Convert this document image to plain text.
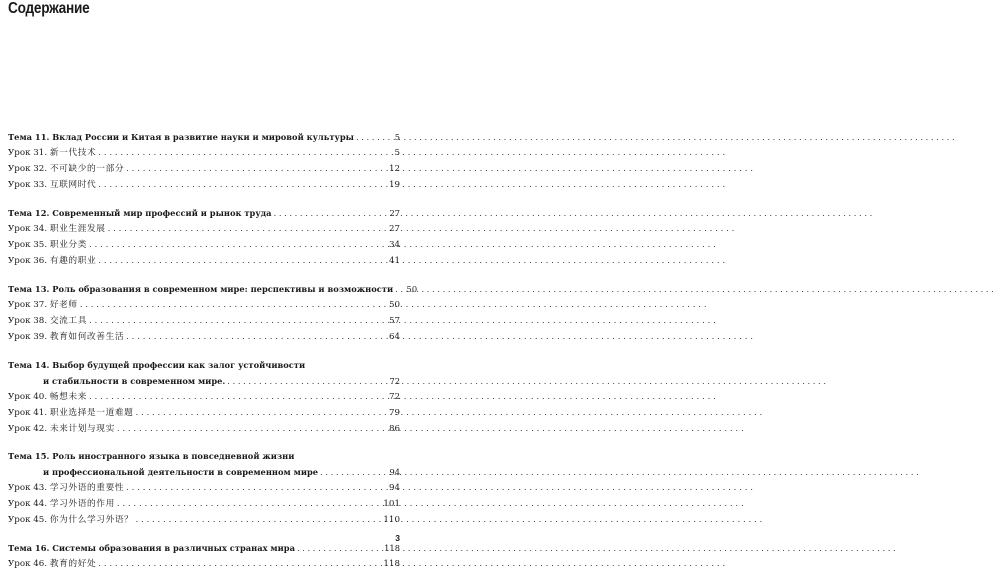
Содержание
Тема 11. Вклад России и Китая в развитие науки и мировой культуры . . .	5
Урок 31. 新一代技术 . . .	5
Урок 32. 不可缺少的一部分 . . .	12
Урок 33. 互联网时代 . . .	19
Тема 12. Современный мир профессий и рынок труда . . .	27
Урок 34. 职业生涯发展 . . .	27
Урок 35. 职业分类 . . .	34
Урок 36. 有趣的职业 . . .	41
Тема 13. Роль образования в современном мире: перспективы и возможности . . . 50
Урок 37. 好老师 . . .	50
Урок 38. 交流工具 . . .	57
Урок 39. 教育如何改善生活 . . .	64
Тема 14. Выбор будущей профессии как залог устойчивости
и стабильности в современном мире. . . .	72
Урок 40. 畅想未来 . . .	72
Урок 41. 职业选择是一道难题 . . .	79
Урок 42. 未来计划与现实 . . .	86
Тема 15. Роль иностранного языка в повседневной жизни
и профессиональной деятельности в современном мире . . .	94
Урок 43. 学习外语的重要性 . . .	94
Урок 44. 学习外语的作用 . . .	101
Урок 45. 你为什么学习外语？ . . .	110
Тема 16. Системы образования в различных странах мира . . .	118
Урок 46. 教育的好处 . . .	118
3
